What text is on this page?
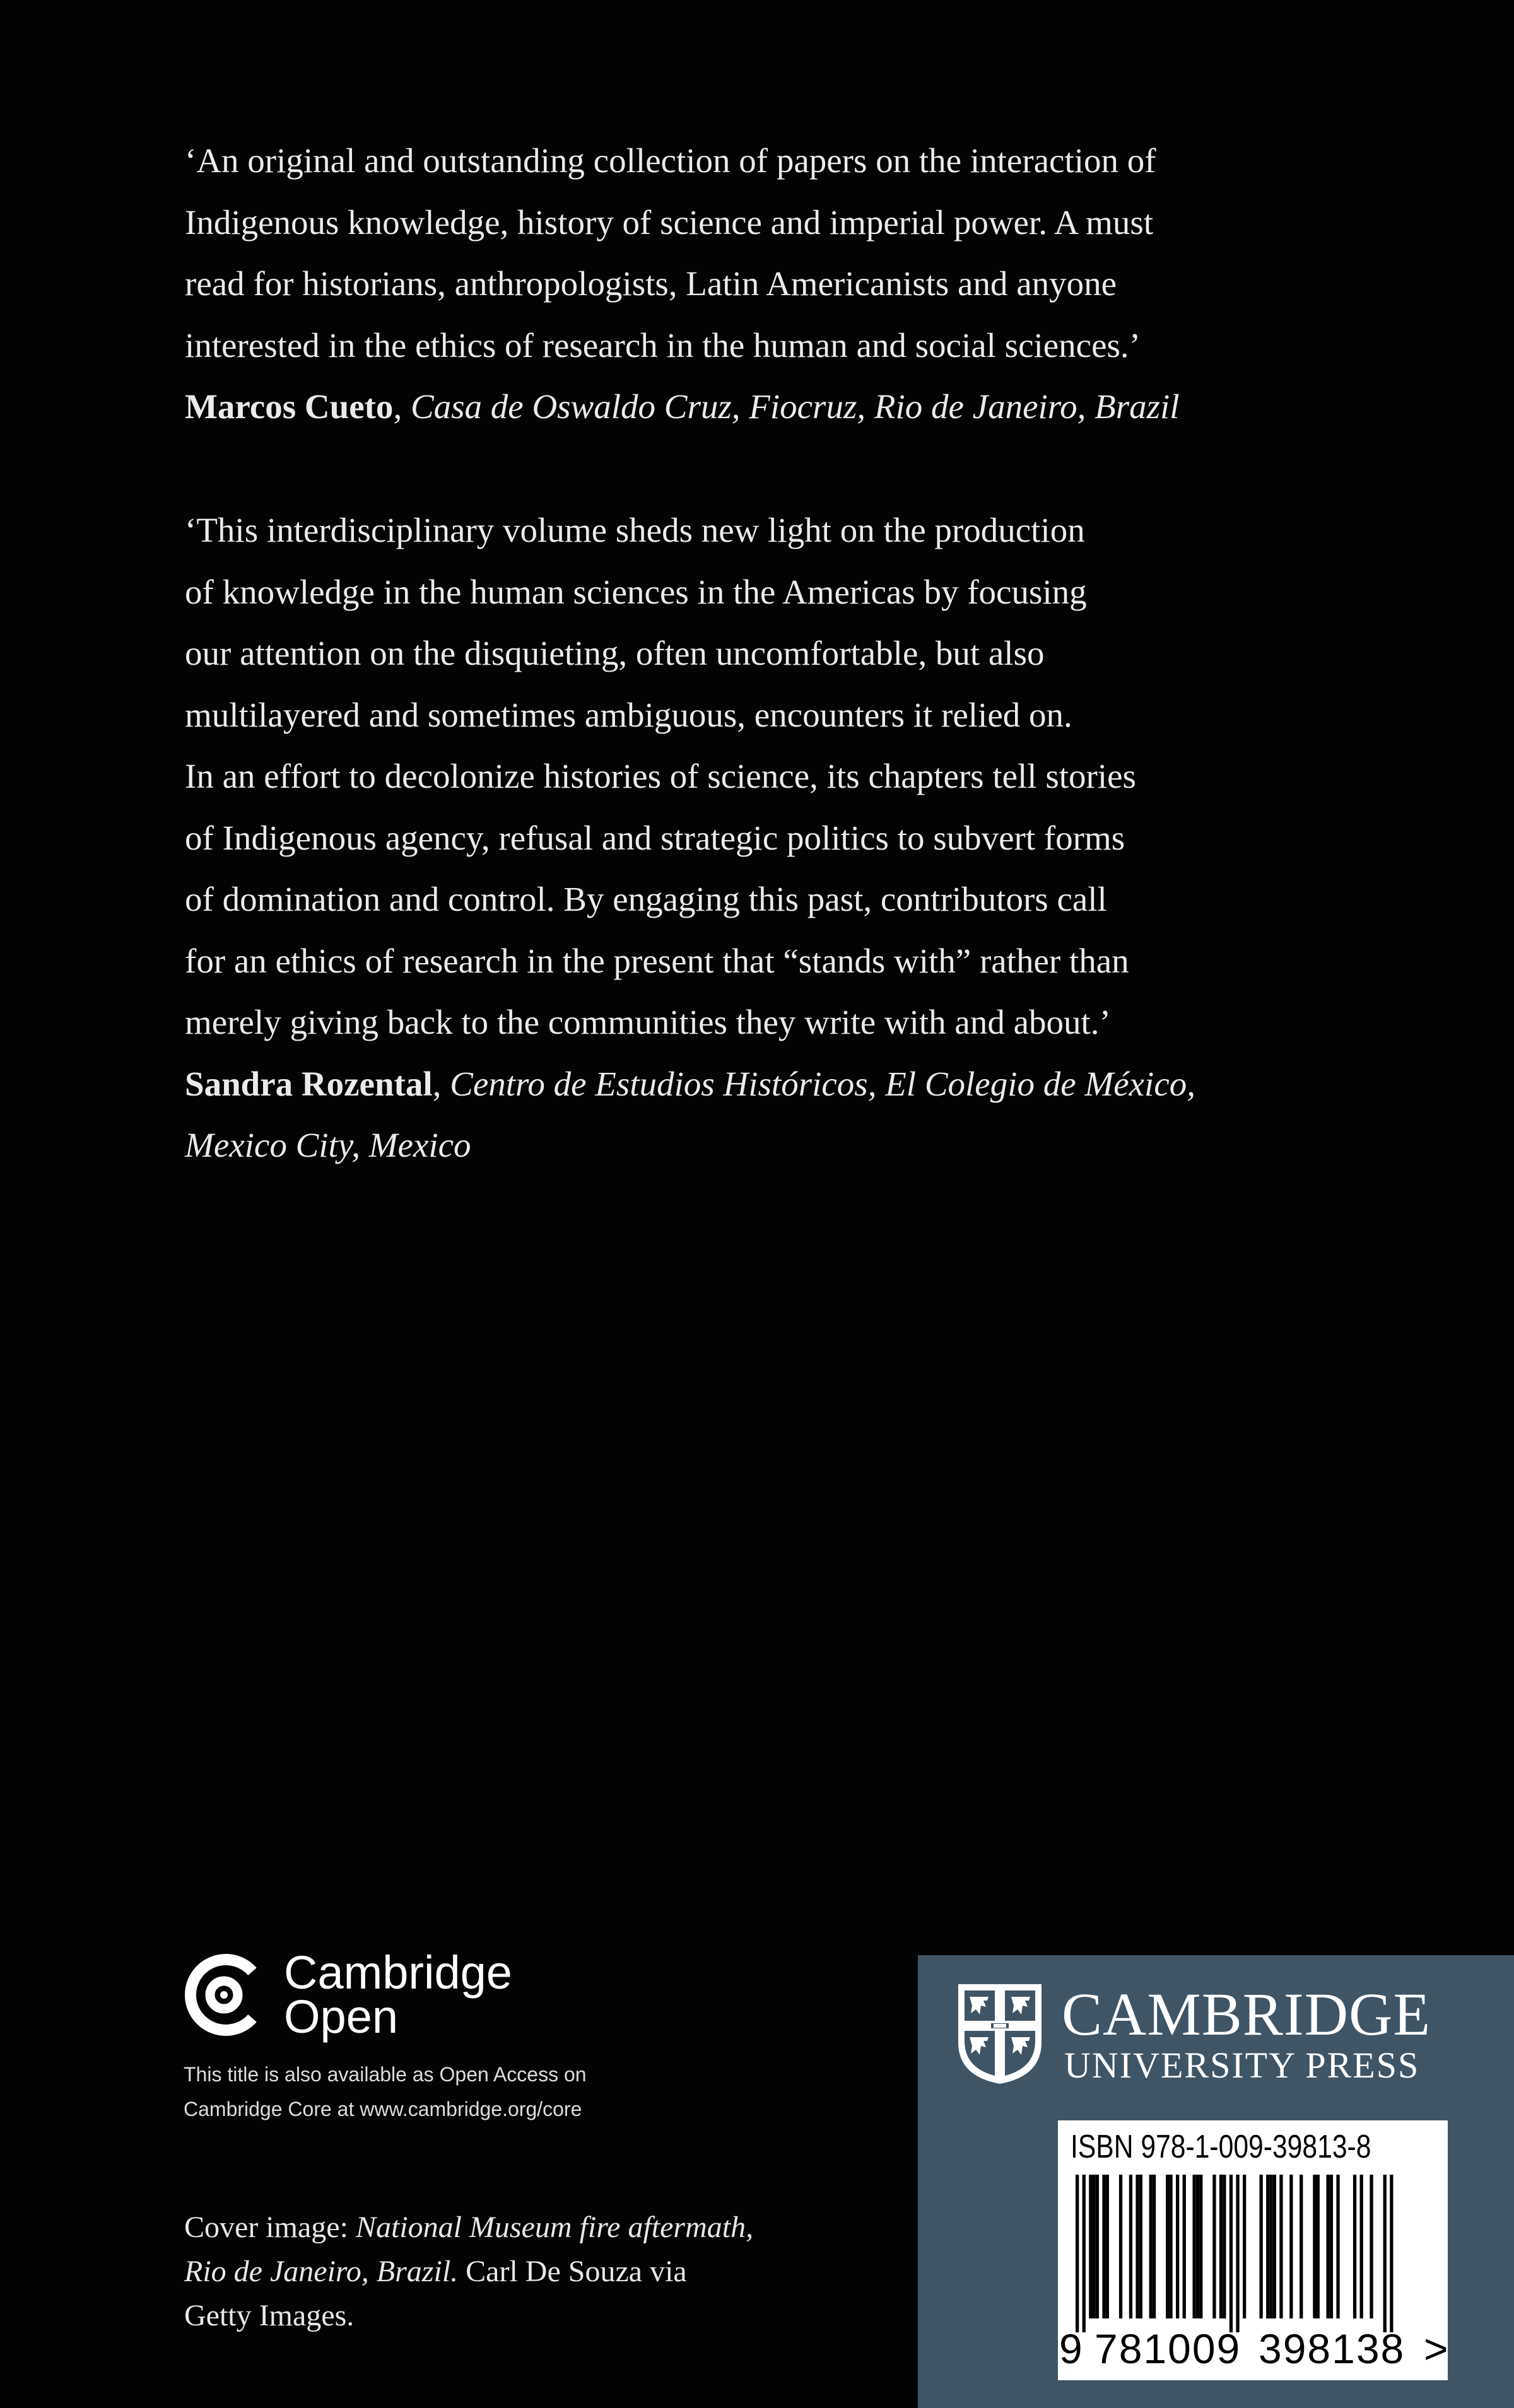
‘An original and outstanding collection of papers on the interaction of
Indigenous knowledge, history of science and imperial power. A must
read for historians, anthropologists, Latin Americanists and anyone
interested in the ethics of research in the human and social sciences.’
Marcos Cueto, Casa de Oswaldo Cruz, Fiocruz, Rio de Janeiro, Brazil
‘This interdisciplinary volume sheds new light on the production
of knowledge in the human sciences in the Americas by focusing
our attention on the disquieting, often uncomfortable, but also
multilayered and sometimes ambiguous, encounters it relied on.
In an effort to decolonize histories of science, its chapters tell stories
of Indigenous agency, refusal and strategic politics to subvert forms
of domination and control. By engaging this past, contributors call
for an ethics of research in the present that “stands with” rather than
merely giving back to the communities they write with and about.’
Sandra Rozental, Centro de Estudios Históricos, El Colegio de México,
Mexico City, Mexico
Cambridge
Open
This title is also available as Open Access on
Cambridge Core at www.cambridge.org/core
Cover image: National Museum fire aftermath,
Rio de Janeiro, Brazil. Carl De Souza via
Getty Images.
CAMBRIDGE
UNIVERSITY PRESS
ISBN 978-1-009-39813-8
9 781009 398138 >
